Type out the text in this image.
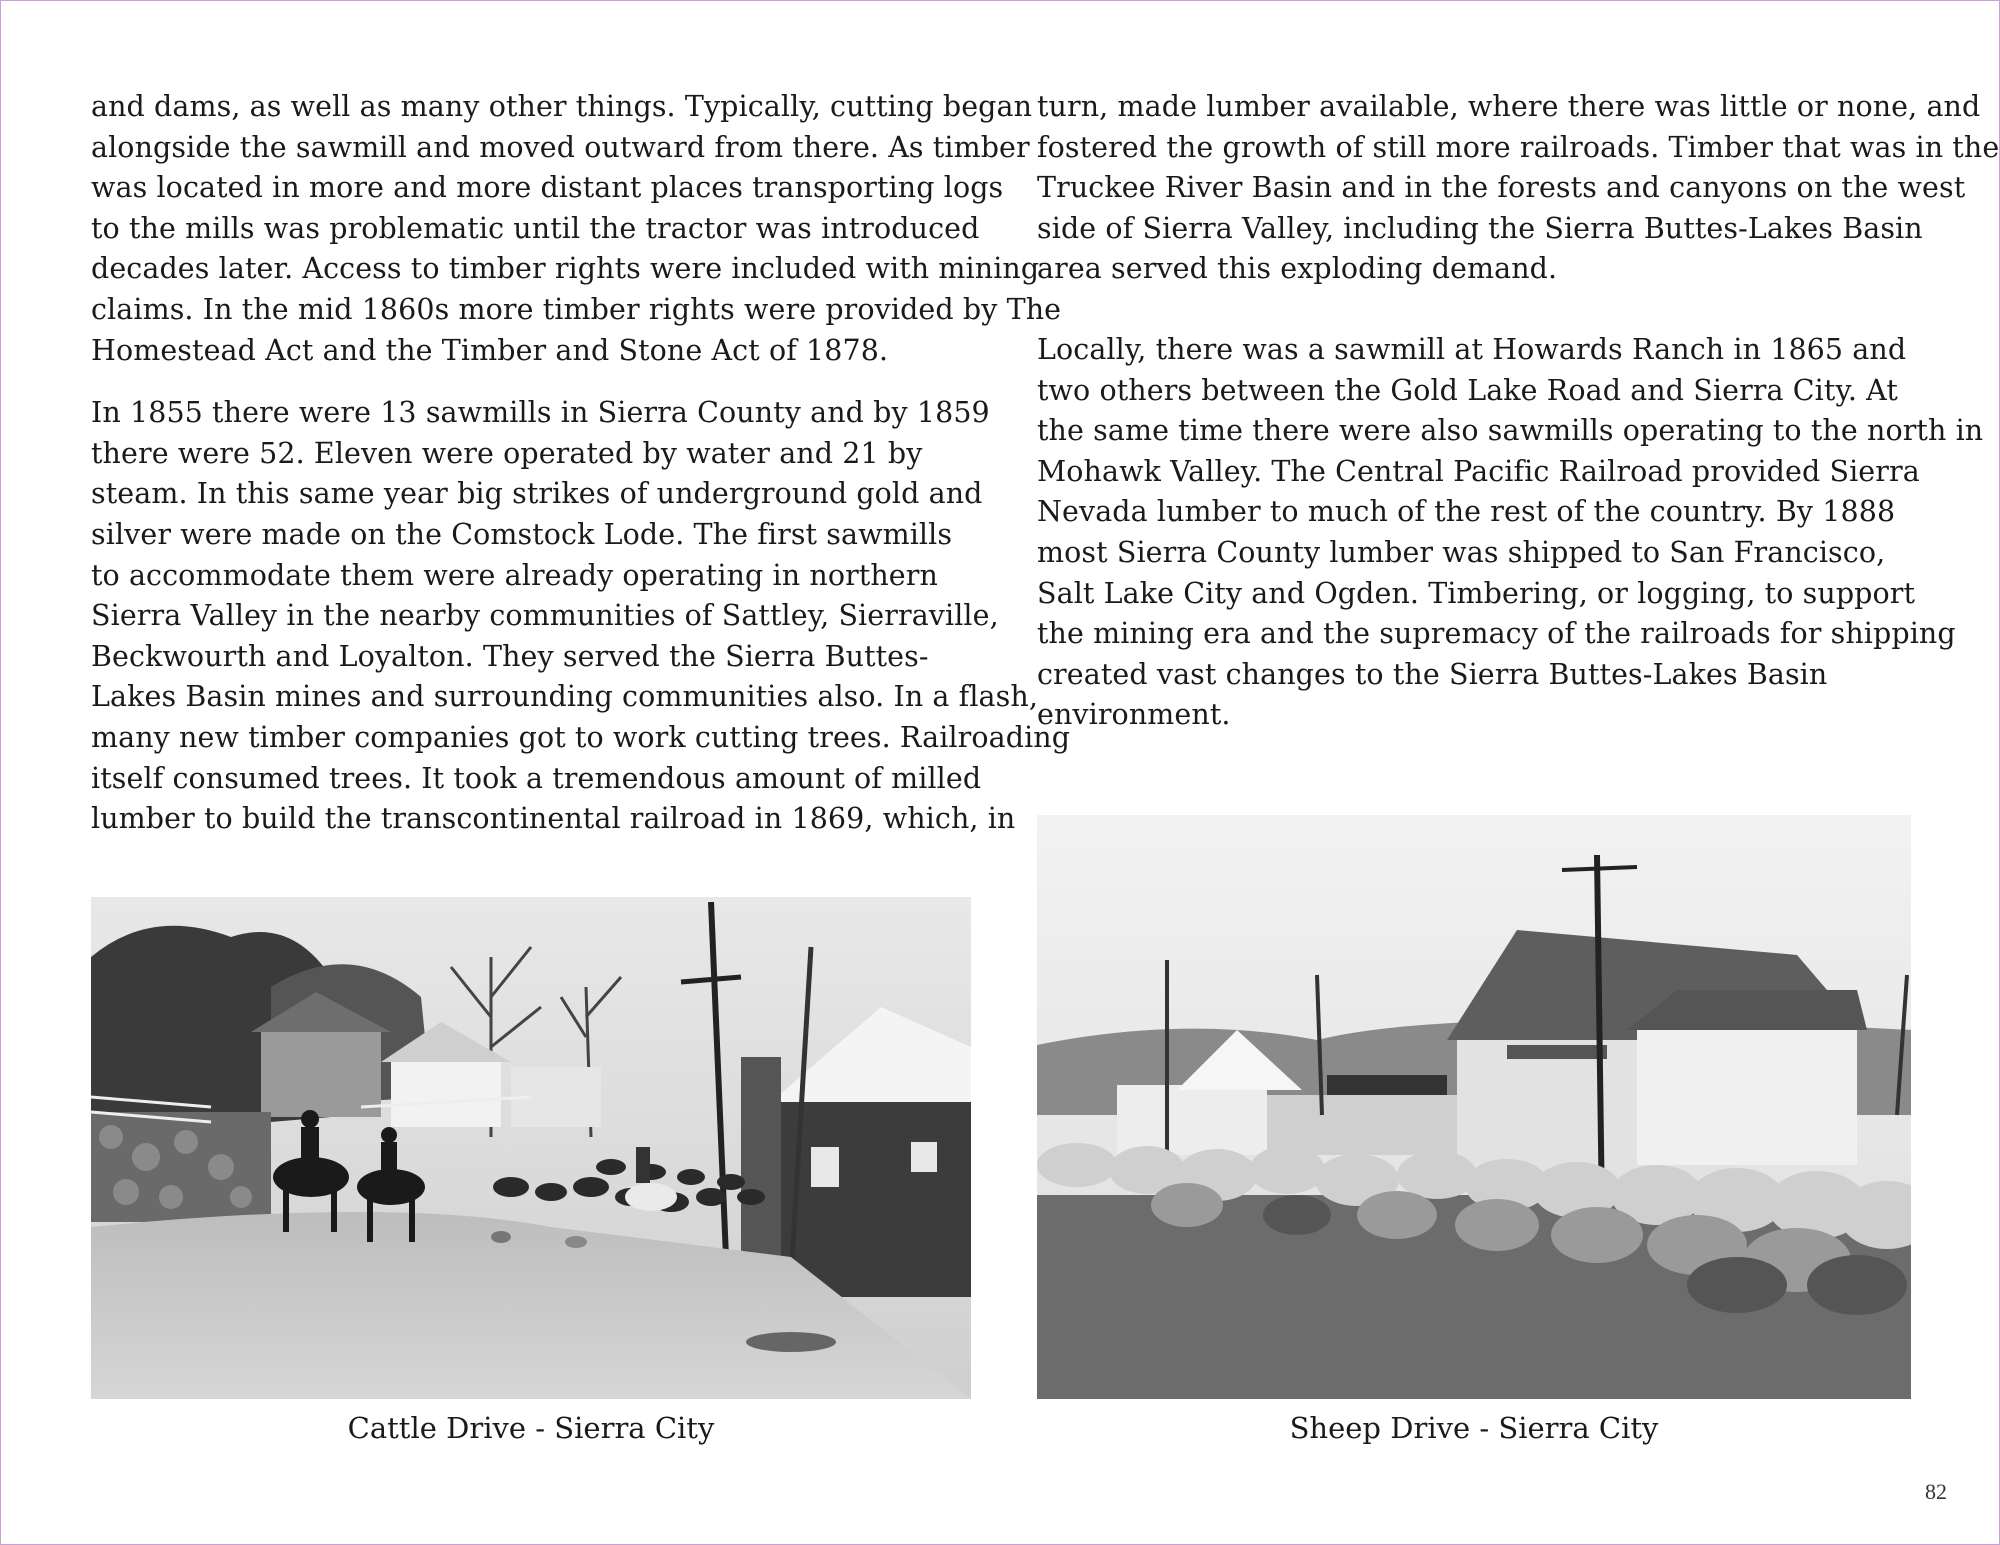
and dams, as well as many other things. Typically, cutting began

alongside the sawmill and moved outward from there. As timber

was located in more and more distant places transporting logs

to the mills was problematic until the tractor was introduced

decades later. Access to timber rights were included with mining

claims. In the mid 1860s more timber rights were provided by The

Homestead Act and the Timber and Stone Act of 1878.

In 1855 there were 13 sawmills in Sierra County and by 1859

there were 52. Eleven were operated by water and 21 by

steam. In this same year big strikes of underground gold and

silver were made on the Comstock Lode. The first sawmills

to accommodate them were already operating in northern

Sierra Valley in the nearby communities of Sattley, Sierraville,

Beckwourth and Loyalton. They served the Sierra Buttes-

Lakes Basin mines and surrounding communities also. In a flash,

many new timber companies got to work cutting trees. Railroading

itself consumed trees. It took a tremendous amount of milled

lumber to build the transcontinental railroad in 1869, which, in

turn, made lumber available, where there was little or none, and

fostered the growth of still more railroads. Timber that was in the

Truckee River Basin and in the forests and canyons on the west

side of Sierra Valley, including the Sierra Buttes-Lakes Basin

area served this exploding demand.

Locally, there was a sawmill at Howards Ranch in 1865 and

two others between the Gold Lake Road and Sierra City. At

the same time there were also sawmills operating to the north in

Mohawk Valley. The Central Pacific Railroad provided Sierra

Nevada lumber to much of the rest of the country. By 1888

most Sierra County lumber was shipped to San Francisco,

Salt Lake City and Ogden. Timbering, or logging, to support

the mining era and the supremacy of the railroads for shipping

created vast changes to the Sierra Buttes-Lakes Basin

environment.

Cattle Drive - Sierra City	Sheep Drive - Sierra City
82
